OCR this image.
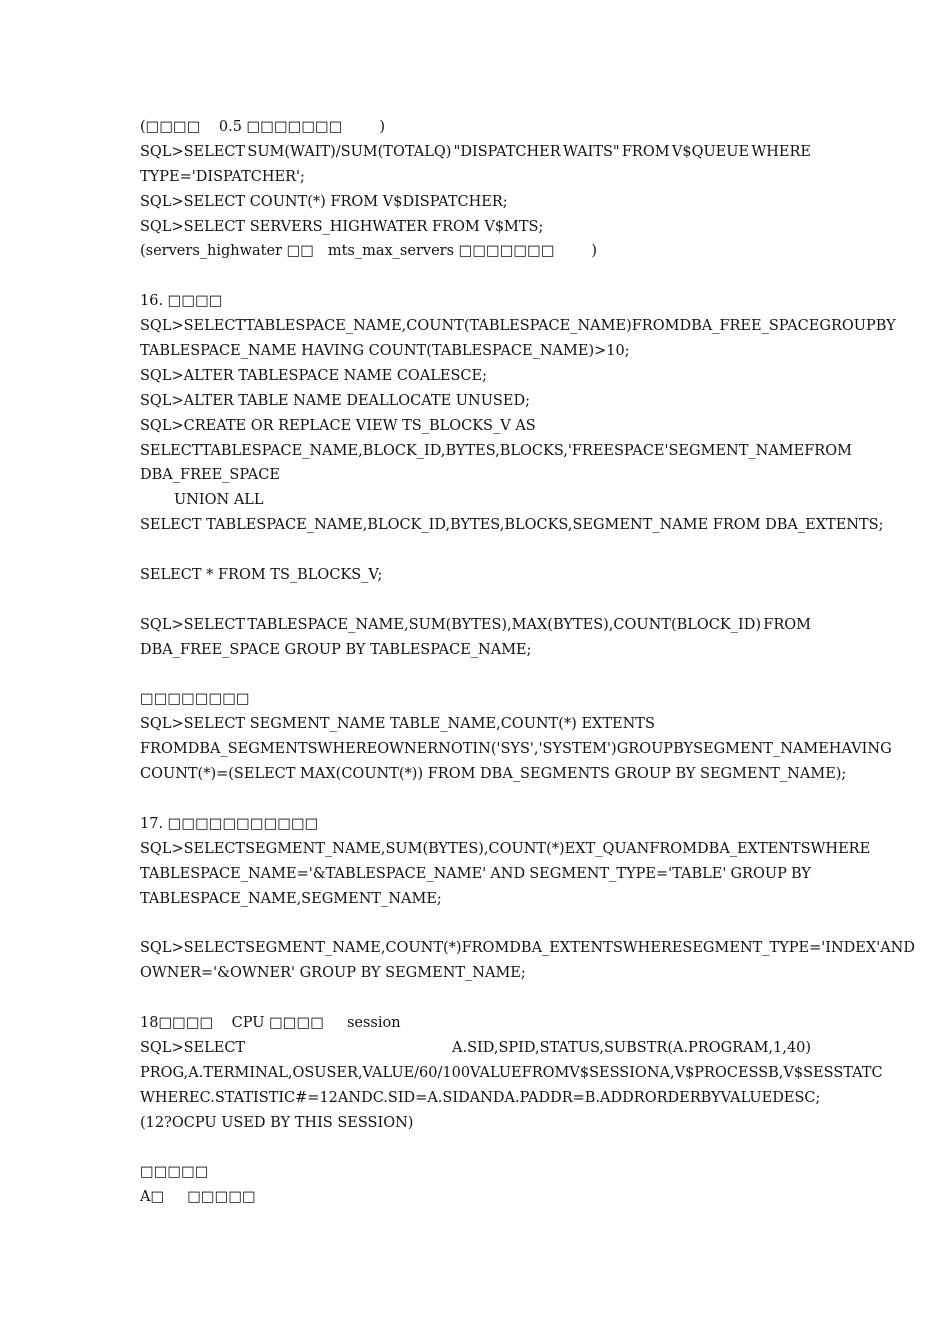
(□□□□    0.5 □□□□□□□        )
SQL>SELECT SUM(WAIT)/SUM(TOTALQ) "DISPATCHER WAITS" FROM V$QUEUE WHERE
TYPE='DISPATCHER';
SQL>SELECT COUNT(*) FROM V$DISPATCHER;
SQL>SELECT SERVERS_HIGHWATER FROM V$MTS;
(servers_highwater □□   mts_max_servers □□□□□□□        )
16. □□□□
SQL>SELECT TABLESPACE_NAME,COUNT(TABLESPACE_NAME) FROM DBA_FREE_SPACE GROUP BY
TABLESPACE_NAME HAVING COUNT(TABLESPACE_NAME)>10;
SQL>ALTER TABLESPACE NAME COALESCE;
SQL>ALTER TABLE NAME DEALLOCATE UNUSED;
SQL>CREATE OR REPLACE VIEW TS_BLOCKS_V AS
SELECT TABLESPACE_NAME,BLOCK_ID,BYTES,BLOCKS,'FREE SPACE' SEGMENT_NAME FROM
DBA_FREE_SPACE
UNION ALL
SELECT TABLESPACE_NAME,BLOCK_ID,BYTES,BLOCKS,SEGMENT_NAME FROM DBA_EXTENTS;
SELECT * FROM TS_BLOCKS_V;
SQL>SELECT TABLESPACE_NAME,SUM(BYTES),MAX(BYTES),COUNT(BLOCK_ID) FROM
DBA_FREE_SPACE GROUP BY TABLESPACE_NAME;
□□□□□□□□
SQL>SELECT SEGMENT_NAME TABLE_NAME,COUNT(*) EXTENTS
FROM DBA_SEGMENTS WHERE OWNER NOT IN ('SYS', 'SYSTEM') GROUP BY SEGMENT_NAME HAVING
COUNT(*)=(SELECT MAX(COUNT(*)) FROM DBA_SEGMENTS GROUP BY SEGMENT_NAME);
17. □□□□□□□□□□□
SQL>SELECT SEGMENT_NAME,SUM(BYTES),COUNT(*) EXT_QUAN FROM DBA_EXTENTS WHERE
TABLESPACE_NAME='&TABLESPACE_NAME' AND SEGMENT_TYPE='TABLE' GROUP BY
TABLESPACE_NAME,SEGMENT_NAME;
SQL>SELECT SEGMENT_NAME,COUNT(*) FROM DBA_EXTENTS WHERE SEGMENT_TYPE='INDEX' AND
OWNER='&OWNER' GROUP BY SEGMENT_NAME;
18□□□□    CPU □□□□     session
SQL>SELECT	A.SID,SPID,STATUS,SUBSTR(A.PROGRAM,1,40)
PROG,A.TERMINAL,OSUSER,VALUE/60/100 VALUE FROM V$SESSION A,V$PROCESS B,V$SESSTAT C
WHERE C.STATISTIC#=12 AND C.SID=A.SID AND A.PADDR=B.ADDR ORDER BY VALUE DESC;
(12?OCPU USED BY THIS SESSION)
□□□□□
A□     □□□□□
